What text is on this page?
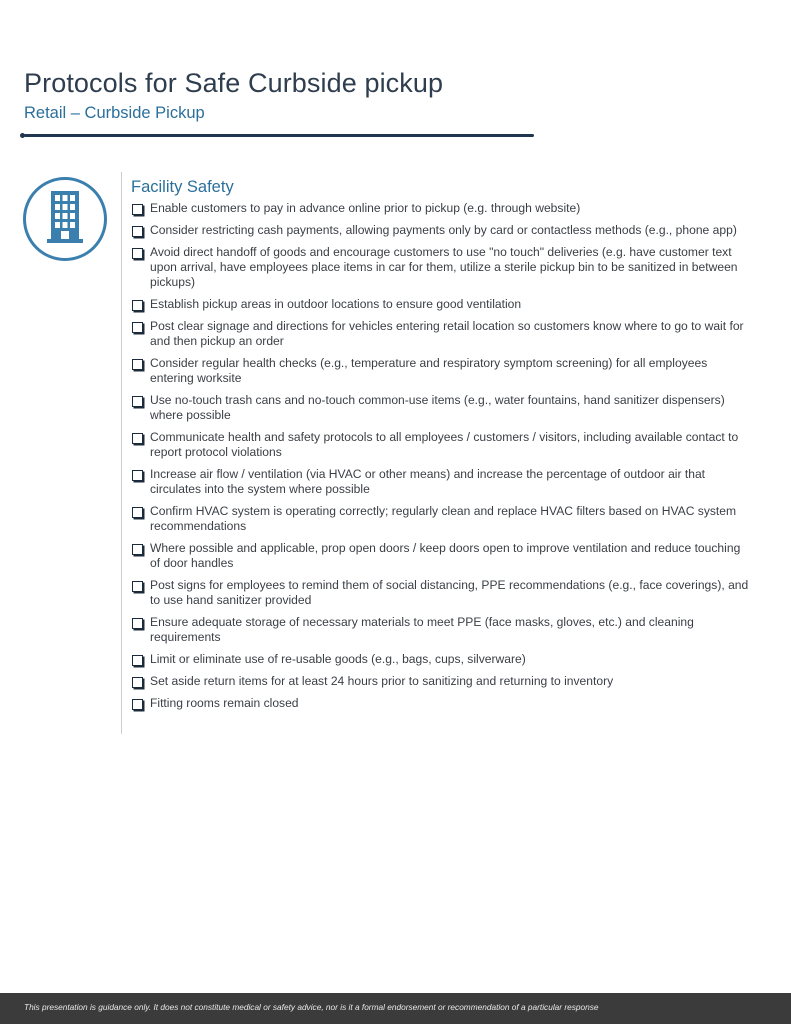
Protocols for Safe Curbside pickup
Retail – Curbside Pickup
Facility Safety
Enable customers to pay in advance online prior to pickup (e.g. through website)
Consider restricting cash payments, allowing payments only by card or contactless methods (e.g., phone app)
Avoid direct handoff of goods and encourage customers to use "no touch" deliveries (e.g. have customer text upon arrival, have employees place items in car for them, utilize a sterile pickup bin to be sanitized in between pickups)
Establish pickup areas in outdoor locations to ensure good ventilation
Post clear signage and directions for vehicles entering retail location so customers know where to go to wait for and then pickup an order
Consider regular health checks (e.g., temperature and respiratory symptom screening) for all employees entering worksite
Use no-touch trash cans and no-touch common-use items (e.g., water fountains, hand sanitizer dispensers) where possible
Communicate health and safety protocols to all employees / customers / visitors, including available contact to report protocol violations
Increase air flow / ventilation (via HVAC or other means) and increase the percentage of outdoor air that circulates into the system where possible
Confirm HVAC system is operating correctly; regularly clean and replace HVAC filters based on HVAC system recommendations
Where possible and applicable, prop open doors / keep doors open to improve ventilation and reduce touching of door handles
Post signs for employees to remind them of social distancing, PPE recommendations (e.g., face coverings), and to use hand sanitizer provided
Ensure adequate storage of necessary materials to meet PPE (face masks, gloves, etc.) and cleaning requirements
Limit or eliminate use of re-usable goods (e.g., bags, cups, silverware)
Set aside return items for at least 24 hours prior to sanitizing and returning to inventory
Fitting rooms remain closed
This presentation is guidance only. It does not constitute medical or safety advice, nor is it a formal endorsement or recommendation of a particular response
